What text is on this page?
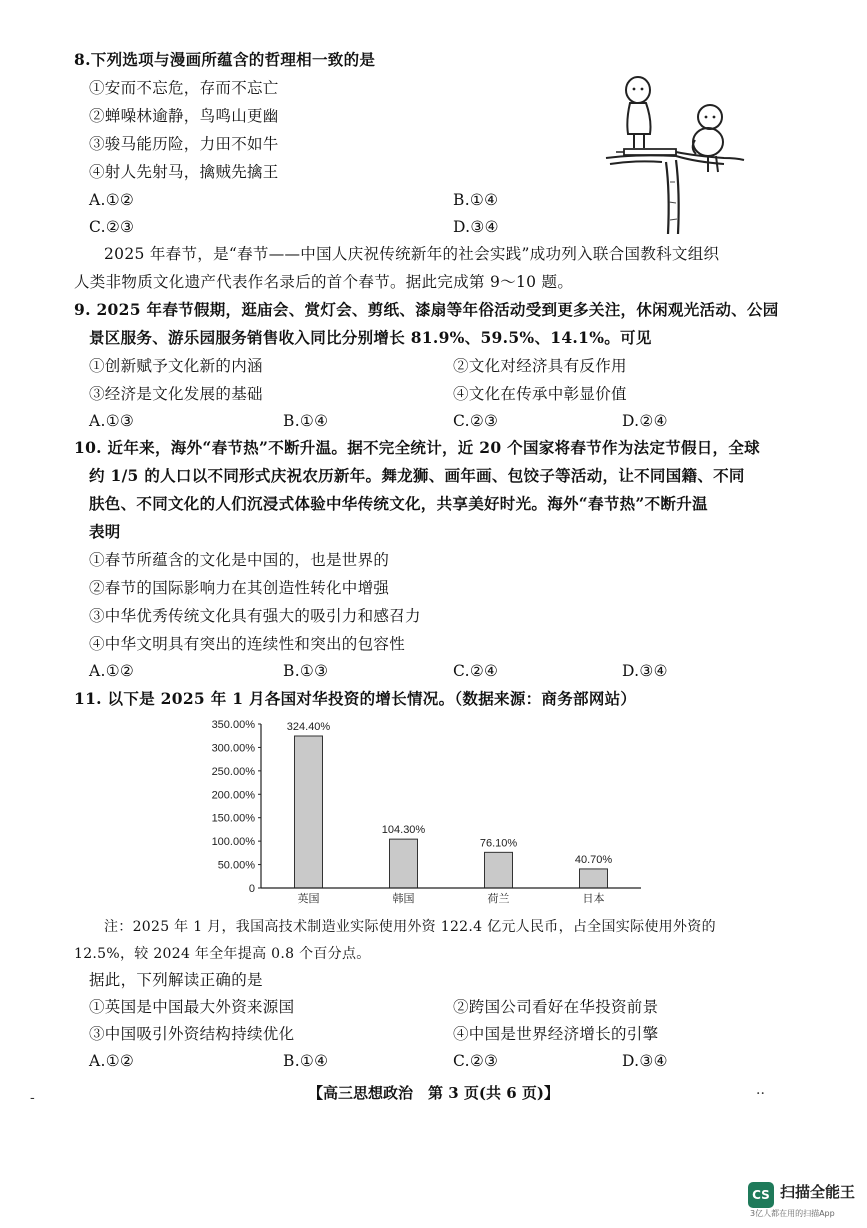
8.下列选项与漫画所蕴含的哲理相一致的是
①安而不忘危，存而不忘亡
②蝉噪林逾静，鸟鸣山更幽
③骏马能历险，力田不如牛
④射人先射马，擒贼先擒王
A.①②	B.①④
C.②③	D.③④
2025 年春节，是“春节——中国人庆祝传统新年的社会实践”成功列入联合国教科文组织
人类非物质文化遗产代表作名录后的首个春节。据此完成第 9～10 题。
9. 2025 年春节假期，逛庙会、赏灯会、剪纸、漆扇等年俗活动受到更多关注，休闲观光活动、公园
景区服务、游乐园服务销售收入同比分别增长 81.9%、59.5%、14.1%。可见
①创新赋予文化新的内涵	②文化对经济具有反作用
③经济是文化发展的基础	④文化在传承中彰显价值
A.①③	B.①④	C.②③	D.②④
10. 近年来，海外“春节热”不断升温。据不完全统计，近 20 个国家将春节作为法定节假日，全球
约 1/5 的人口以不同形式庆祝农历新年。舞龙狮、画年画、包饺子等活动，让不同国籍、不同
肤色、不同文化的人们沉浸式体验中华传统文化，共享美好时光。海外“春节热”不断升温
表明
①春节所蕴含的文化是中国的，也是世界的
②春节的国际影响力在其创造性转化中增强
③中华优秀传统文化具有强大的吸引力和感召力
④中华文明具有突出的连续性和突出的包容性
A.①②	B.①③	C.②④	D.③④
11. 以下是 2025 年 1 月各国对华投资的增长情况。（数据来源：商务部网站）
0
50.00%
100.00%
150.00%
200.00%
250.00%
300.00%
350.00%	324.40%
104.30%
76.10%
40.70%
英国	韩国	荷兰	日本
注：2025 年 1 月，我国高技术制造业实际使用外资 122.4 亿元人民币，占全国实际使用外资的
12.5%，较 2024 年全年提高 0.8 个百分点。
据此，下列解读正确的是
①英国是中国最大外资来源国	②跨国公司看好在华投资前景
③中国吸引外资结构持续优化	④中国是世界经济增长的引擎
A.①②	B.①④	C.②③	D.③④
【高三思想政治　第 3 页(共 6 页)】
-	··
CS 扫描全能王
3亿人都在用的扫描App
